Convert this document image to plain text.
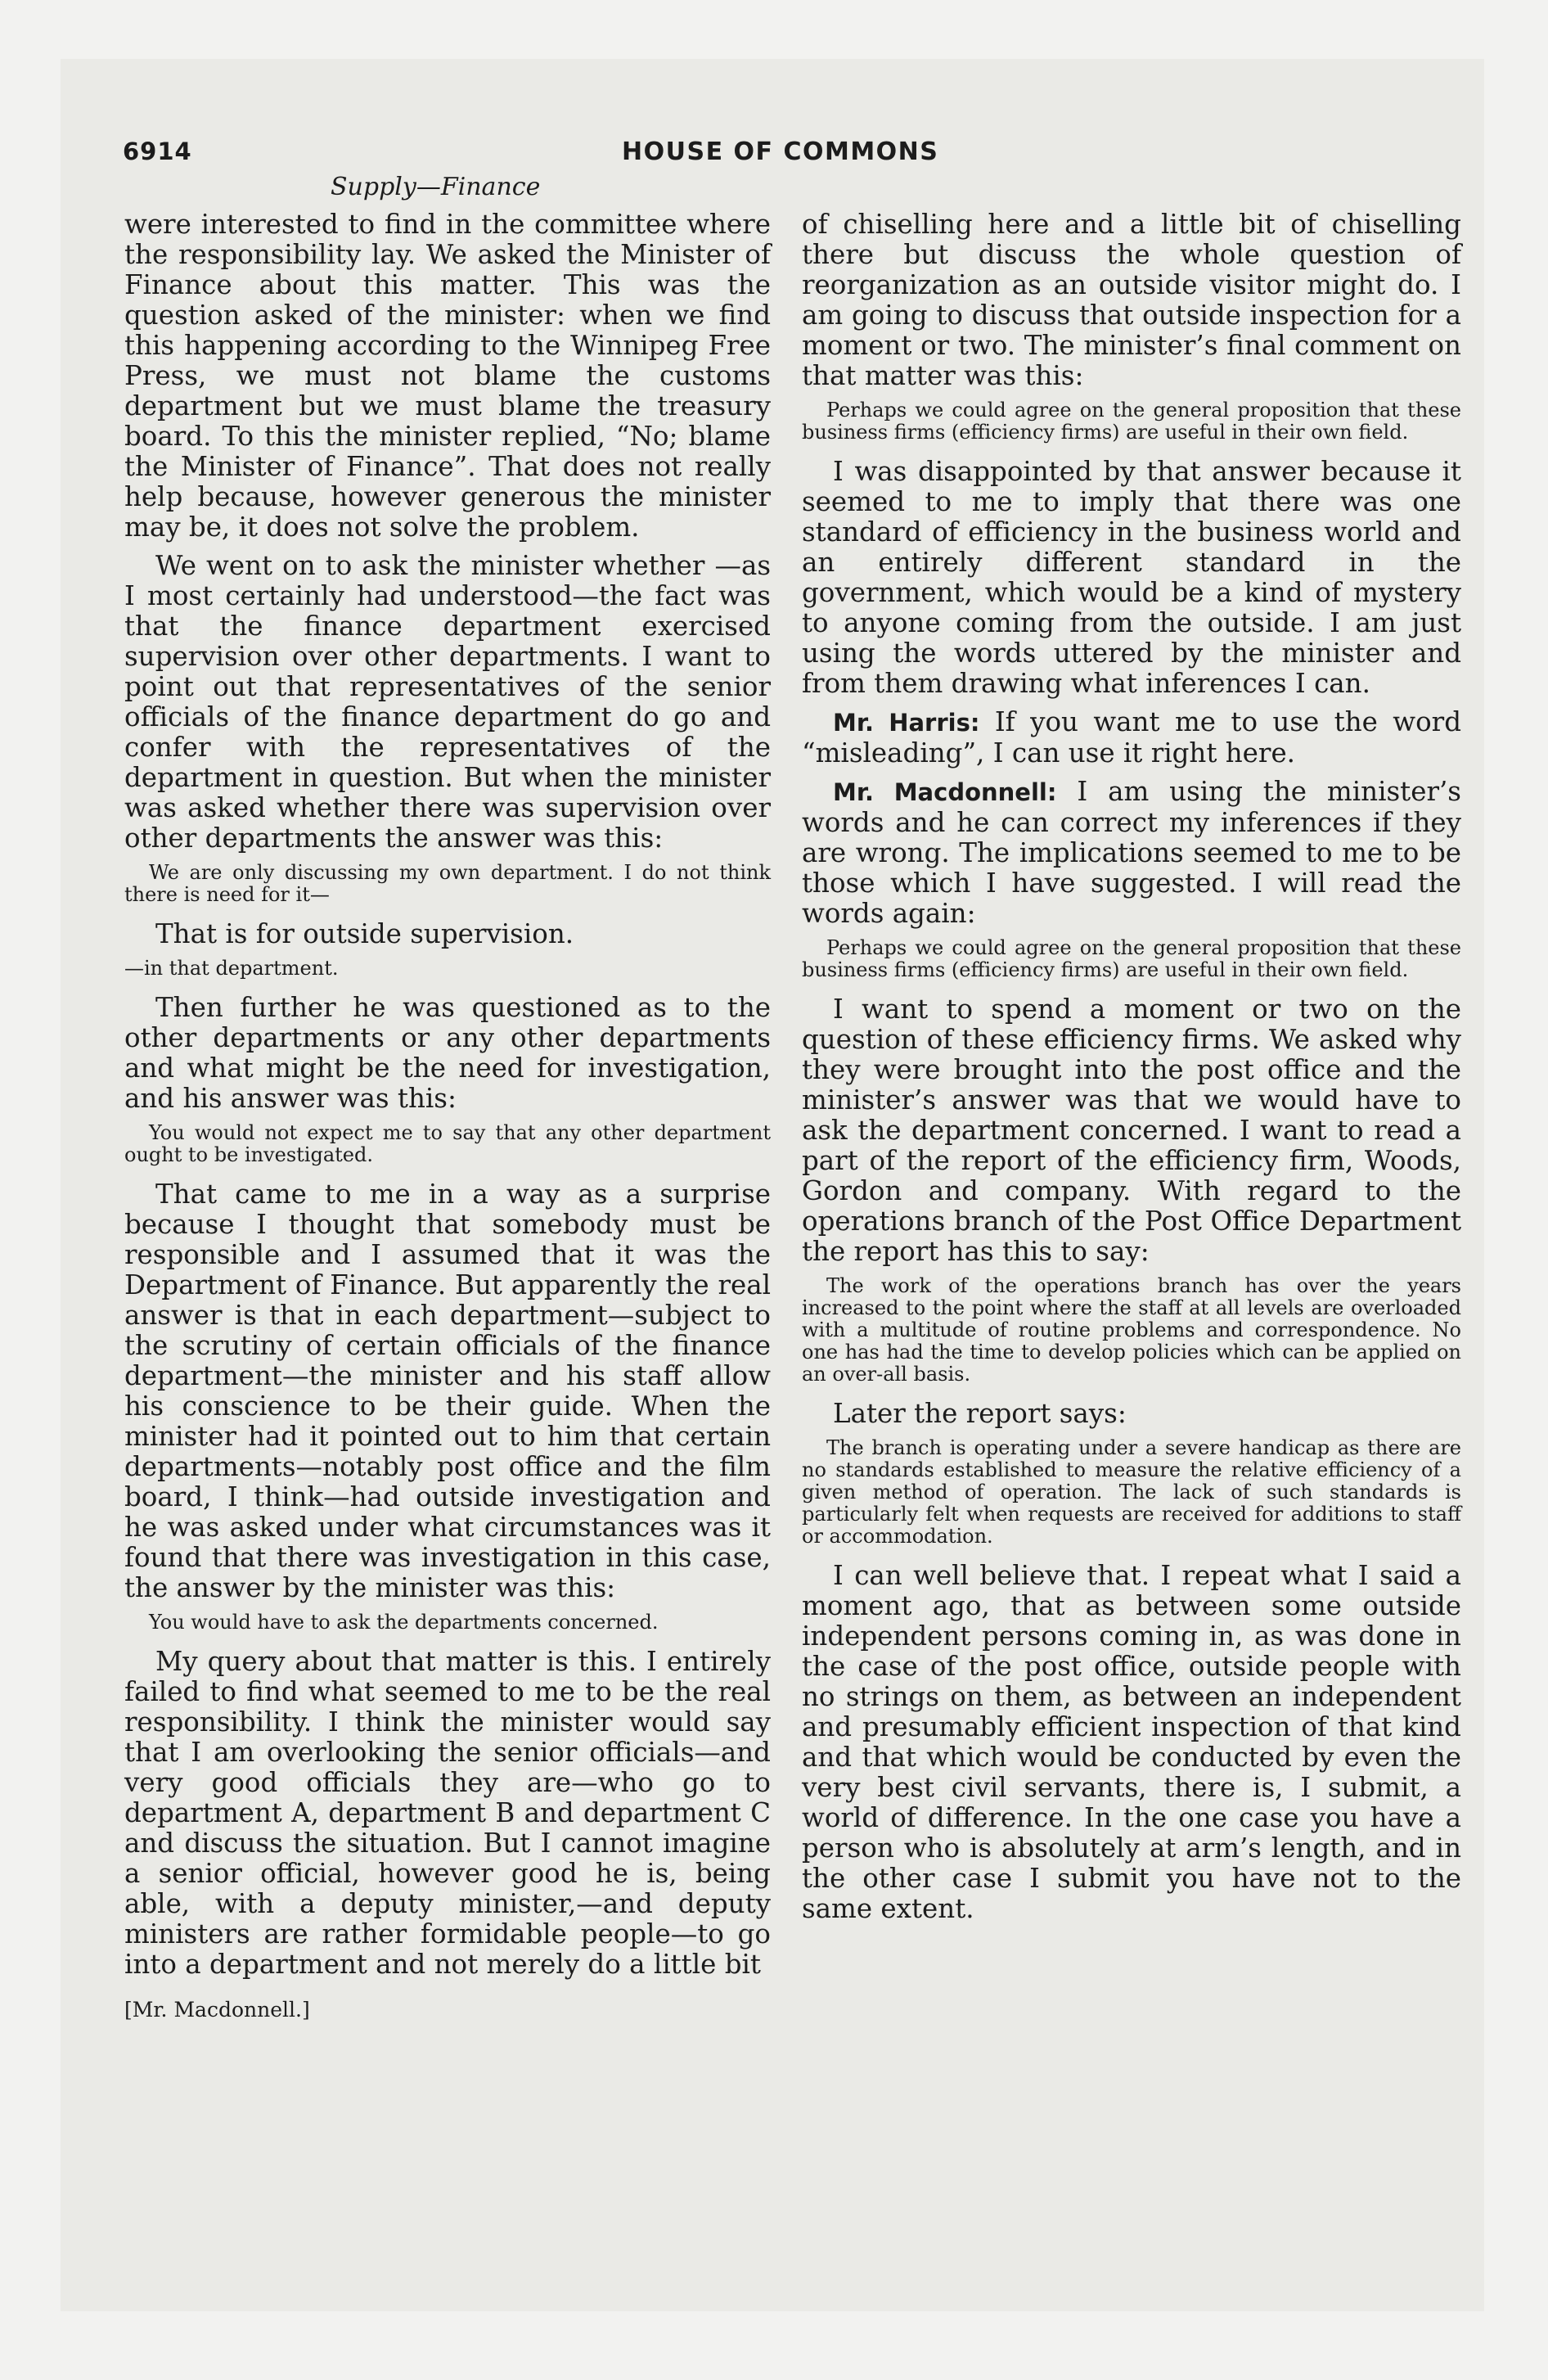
6914	HOUSE OF COMMONS
Supply—Finance
were interested to find in the committee where the responsibility lay. We asked the Minister of Finance about this matter. This was the question asked of the minister: when we find this happening according to the Winnipeg Free Press, we must not blame the customs department but we must blame the treasury board. To this the minister replied, “No; blame the Minister of Finance”. That does not really help because, however generous the minister may be, it does not solve the problem.
We went on to ask the minister whether —as I most certainly had understood—the fact was that the finance department exercised supervision over other departments. I want to point out that representatives of the senior officials of the finance department do go and confer with the representatives of the department in question. But when the minister was asked whether there was supervision over other departments the answer was this:
We are only discussing my own department. I do not think there is need for it—
That is for outside supervision.
—in that department.
Then further he was questioned as to the other departments or any other departments and what might be the need for investigation, and his answer was this:
You would not expect me to say that any other department ought to be investigated.
That came to me in a way as a surprise because I thought that somebody must be responsible and I assumed that it was the Department of Finance. But apparently the real answer is that in each department—subject to the scrutiny of certain officials of the finance department—the minister and his staff allow his conscience to be their guide. When the minister had it pointed out to him that certain departments—notably post office and the film board, I think—had outside investigation and he was asked under what circumstances was it found that there was investigation in this case, the answer by the minister was this:
You would have to ask the departments concerned.
My query about that matter is this. I entirely failed to find what seemed to me to be the real responsibility. I think the minister would say that I am overlooking the senior officials—and very good officials they are—who go to department A, department B and department C and discuss the situation. But I cannot imagine a senior official, however good he is, being able, with a deputy minister,—and deputy ministers are rather formidable people—to go into a department and not merely do a little bit
[Mr. Macdonnell.]
of chiselling here and a little bit of chiselling there but discuss the whole question of reorganization as an outside visitor might do. I am going to discuss that outside inspection for a moment or two. The minister’s final comment on that matter was this:
Perhaps we could agree on the general proposition that these business firms (efficiency firms) are useful in their own field.
I was disappointed by that answer because it seemed to me to imply that there was one standard of efficiency in the business world and an entirely different standard in the government, which would be a kind of mystery to anyone coming from the outside. I am just using the words uttered by the minister and from them drawing what inferences I can.
Mr. Harris: If you want me to use the word “misleading”, I can use it right here.
Mr. Macdonnell: I am using the minister’s words and he can correct my inferences if they are wrong. The implications seemed to me to be those which I have suggested. I will read the words again:
Perhaps we could agree on the general proposition that these business firms (efficiency firms) are useful in their own field.
I want to spend a moment or two on the question of these efficiency firms. We asked why they were brought into the post office and the minister’s answer was that we would have to ask the department concerned. I want to read a part of the report of the efficiency firm, Woods, Gordon and company. With regard to the operations branch of the Post Office Department the report has this to say:
The work of the operations branch has over the years increased to the point where the staff at all levels are overloaded with a multitude of routine problems and correspondence. No one has had the time to develop policies which can be applied on an over-all basis.
Later the report says:
The branch is operating under a severe handicap as there are no standards established to measure the relative efficiency of a given method of operation. The lack of such standards is particularly felt when requests are received for additions to staff or accommodation.
I can well believe that. I repeat what I said a moment ago, that as between some outside independent persons coming in, as was done in the case of the post office, outside people with no strings on them, as between an independent and presumably efficient inspection of that kind and that which would be conducted by even the very best civil servants, there is, I submit, a world of difference. In the one case you have a person who is absolutely at arm’s length, and in the other case I submit you have not to the same extent.
